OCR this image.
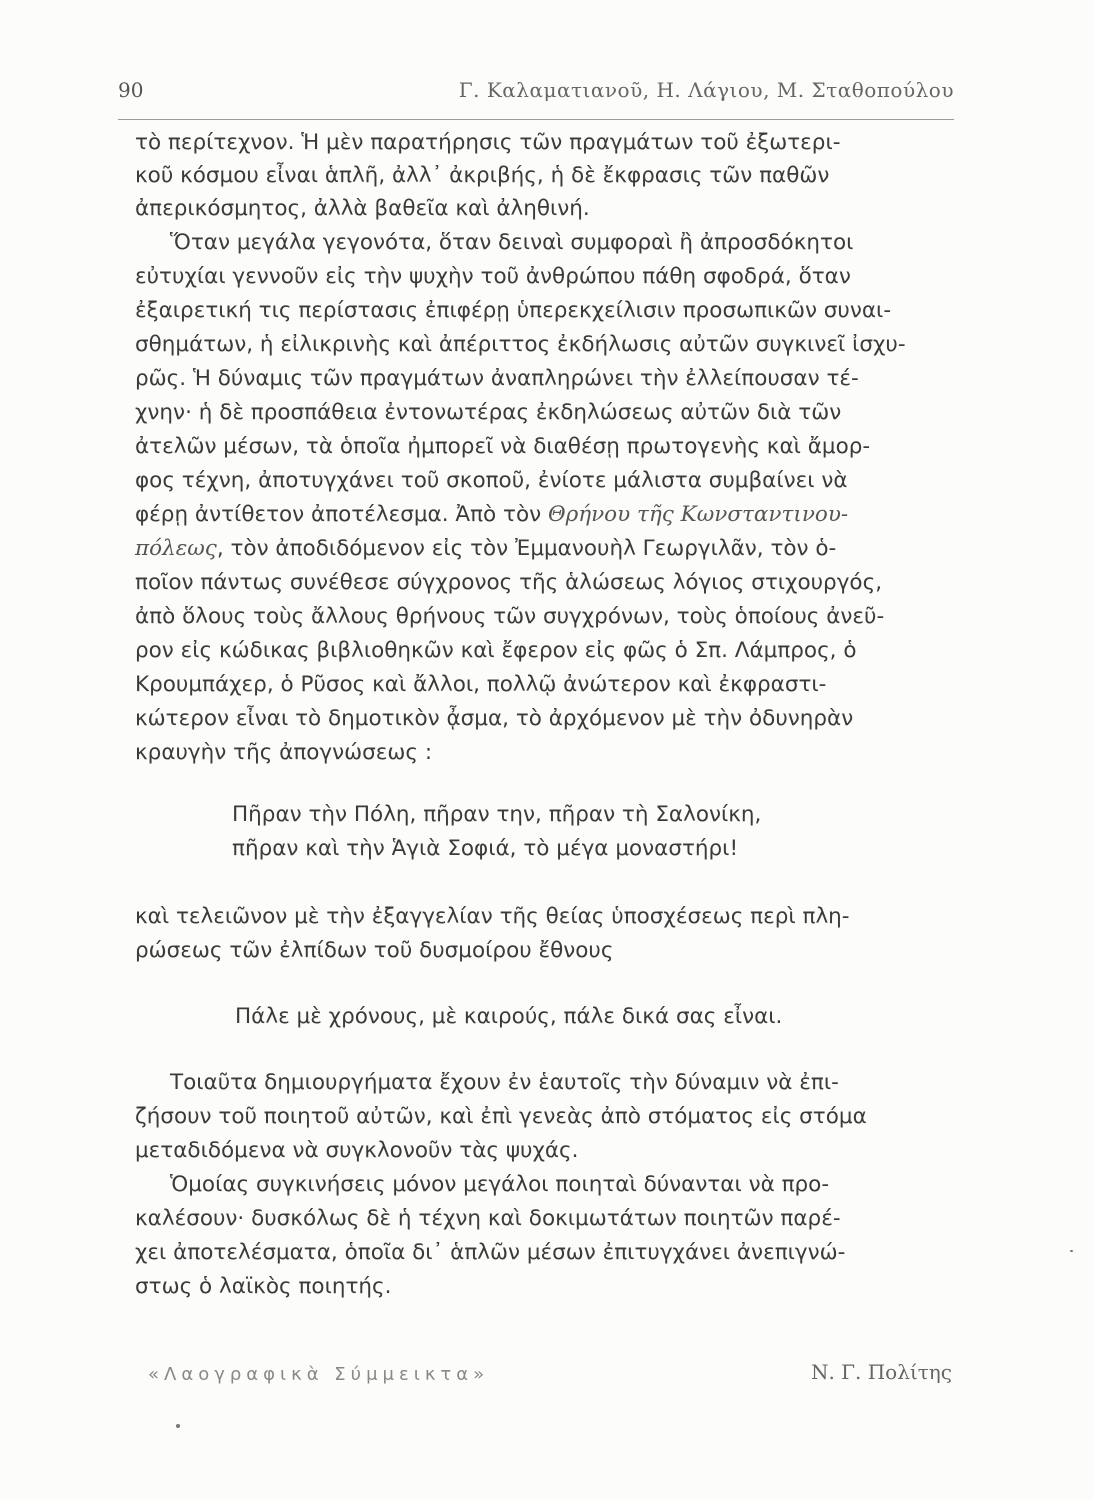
90	Γ. Καλαματιανοῦ, Η. Λάγιου, Μ. Σταθοπούλου
τὸ περίτεχνον. Ἡ μὲν παρατήρησις τῶν πραγμάτων τοῦ ἐξωτερι-
κοῦ κόσμου εἶναι ἁπλῆ, ἀλλ᾽ ἀκριβής, ἡ δὲ ἔκφρασις τῶν παθῶν
ἀπερικόσμητος, ἀλλὰ βαθεῖα καὶ ἀληθινή.
Ὅταν μεγάλα γεγονότα, ὅταν δειναὶ συμφοραὶ ἢ ἀπροσδόκητοι
εὐτυχίαι γεννοῦν εἰς τὴν ψυχὴν τοῦ ἀνθρώπου πάθη σφοδρά, ὅταν
ἐξαιρετική τις περίστασις ἐπιφέρῃ ὑπερεκχείλισιν προσωπικῶν συναι-
σθημάτων, ἡ εἰλικρινὴς καὶ ἀπέριττος ἐκδήλωσις αὐτῶν συγκινεῖ ἰσχυ-
ρῶς. Ἡ δύναμις τῶν πραγμάτων ἀναπληρώνει τὴν ἐλλείπουσαν τέ-
χνην· ἡ δὲ προσπάθεια ἐντονωτέρας ἐκδηλώσεως αὐτῶν διὰ τῶν
ἀτελῶν μέσων, τὰ ὁποῖα ἠμπορεῖ νὰ διαθέσῃ πρωτογενὴς καὶ ἄμορ-
φος τέχνη, ἀποτυγχάνει τοῦ σκοποῦ, ἐνίοτε μάλιστα συμβαίνει νὰ
φέρῃ ἀντίθετον ἀποτέλεσμα. Ἀπὸ τὸν Θρήνου τῆς Κωνσταντινου-
πόλεως, τὸν ἀποδιδόμενον εἰς τὸν Ἐμμανουὴλ Γεωργιλᾶν, τὸν ὁ-
ποῖον πάντως συνέθεσε σύγχρονος τῆς ἁλώσεως λόγιος στιχουργός,
ἀπὸ ὅλους τοὺς ἄλλους θρήνους τῶν συγχρόνων, τοὺς ὁποίους ἀνεῦ-
ρον εἰς κώδικας βιβλιοθηκῶν καὶ ἔφερον εἰς φῶς ὁ Σπ. Λάμπρος, ὁ
Κρουμπάχερ, ὁ Ρῦσος καὶ ἄλλοι, πολλῷ ἀνώτερον καὶ ἐκφραστι-
κώτερον εἶναι τὸ δημοτικὸν ᾆσμα, τὸ ἀρχόμενον μὲ τὴν ὀδυνηρὰν
κραυγὴν τῆς ἀπογνώσεως :
Πῆραν τὴν Πόλη, πῆραν την, πῆραν τὴ Σαλονίκη,
πῆραν καὶ τὴν Ἁγιὰ Σοφιά, τὸ μέγα μοναστήρι!
καὶ τελειῶνον μὲ τὴν ἐξαγγελίαν τῆς θείας ὑποσχέσεως περὶ πλη-
ρώσεως τῶν ἐλπίδων τοῦ δυσμοίρου ἔθνους
Πάλε μὲ χρόνους, μὲ καιρούς, πάλε δικά σας εἶναι.
Τοιαῦτα δημιουργήματα ἔχουν ἐν ἑαυτοῖς τὴν δύναμιν νὰ ἐπι-
ζήσουν τοῦ ποιητοῦ αὐτῶν, καὶ ἐπὶ γενεὰς ἀπὸ στόματος εἰς στόμα
μεταδιδόμενα νὰ συγκλονοῦν τὰς ψυχάς.
Ὁμοίας συγκινήσεις μόνον μεγάλοι ποιηταὶ δύνανται νὰ προ-
καλέσουν· δυσκόλως δὲ ἡ τέχνη καὶ δοκιμωτάτων ποιητῶν παρέ-
χει ἀποτελέσματα, ὁποῖα δι᾽ ἁπλῶν μέσων ἐπιτυγχάνει ἀνεπιγνώ-
στως ὁ λαϊκὸς ποιητής.
«Λαογραφικὰ Σύμμεικτα»	Ν. Γ. Πολίτης
